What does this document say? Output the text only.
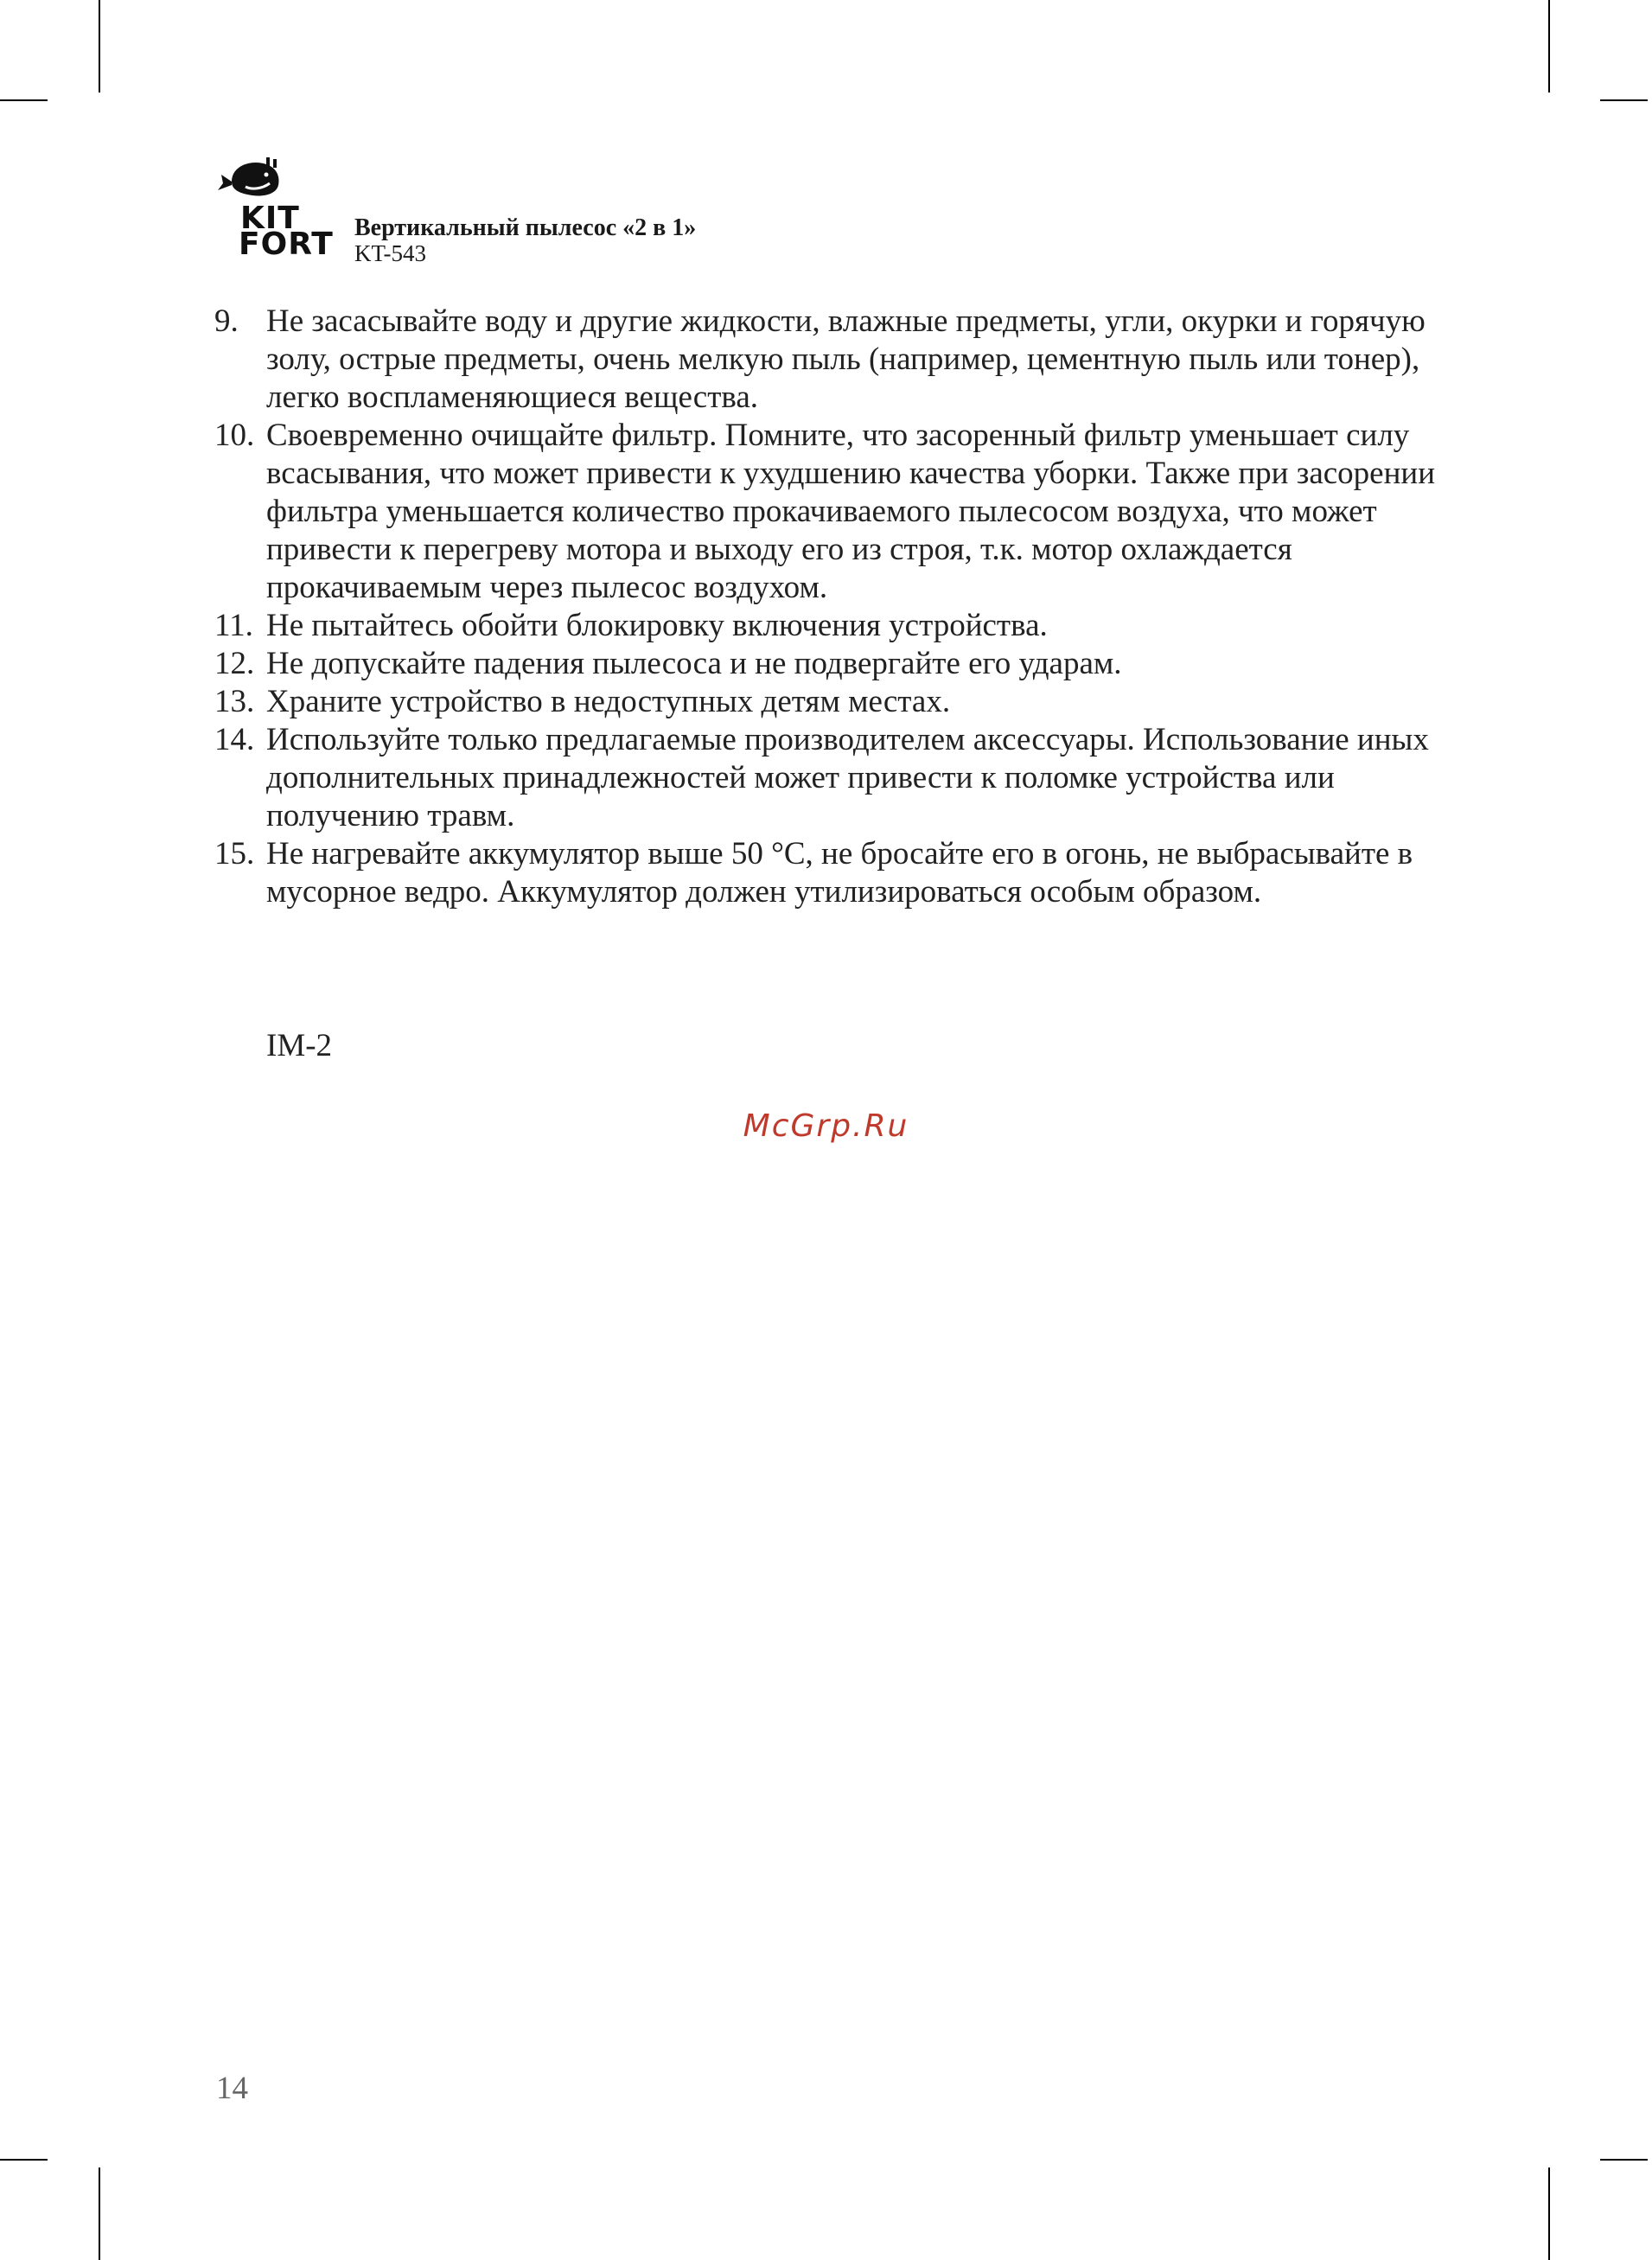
KIT
FORT Вертикальный пылесос «2 в 1»
KT-543
9. Не засасывайте воду и другие жидкости, влажные предметы, угли, окурки и горячую золу, острые предметы, очень мелкую пыль (например, цементную пыль или тонер), легко воспламеняющиеся вещества.
10. Своевременно очищайте фильтр. Помните, что засоренный фильтр уменьшает силу всасывания, что может привести к ухудшению качества уборки. Также при засорении фильтра уменьшается количество прокачиваемого пылесосом воздуха, что может привести к перегреву мотора и выходу его из строя, т.к. мотор охлаждается прокачиваемым через пылесос воздухом.
11. Не пытайтесь обойти блокировку включения устройства.
12. Не допускайте падения пылесоса и не подвергайте его ударам.
13. Храните устройство в недоступных детям местах.
14. Используйте только предлагаемые производителем аксессуары. Использование иных дополнительных принадлежностей может привести к поломке устройства или получению травм.
15. Не нагревайте аккумулятор выше 50 °C, не бросайте его в огонь, не выбрасывайте в мусорное ведро. Аккумулятор должен утилизироваться особым образом.
IM-2
McGrp.Ru
14
